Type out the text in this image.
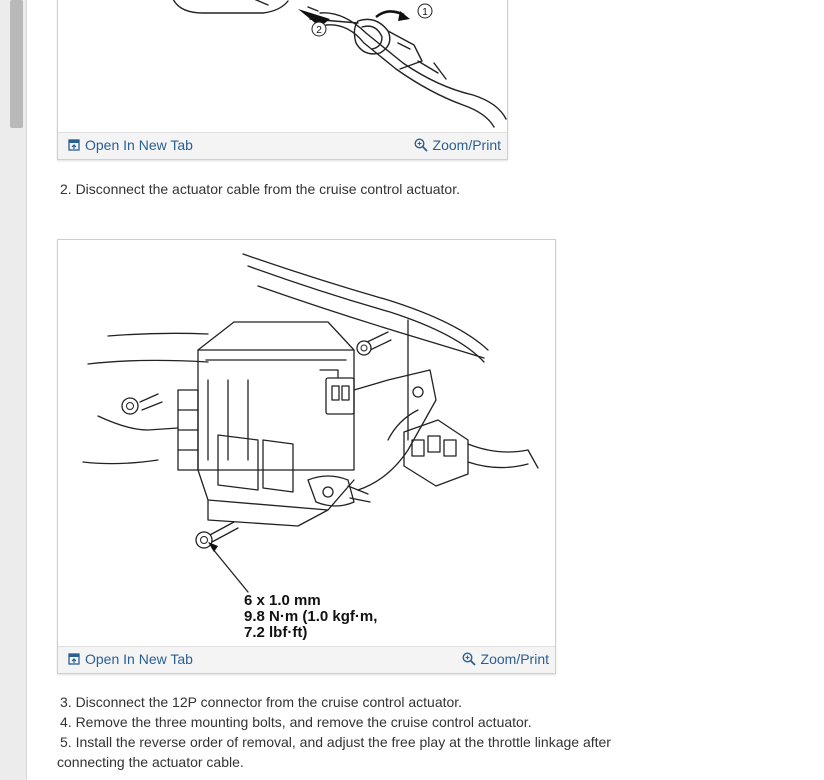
1
2
Open In New Tab	Zoom/Print
2. Disconnect the actuator cable from the cruise control actuator.
6 x 1.0 mm
9.8 N·m (1.0 kgf·m,
7.2 lbf·ft)
Open In New Tab	Zoom/Print
3. Disconnect the 12P connector from the cruise control actuator.
4. Remove the three mounting bolts, and remove the cruise control actuator.
5. Install the reverse order of removal, and adjust the free play at the throttle linkage after
connecting the actuator cable.
